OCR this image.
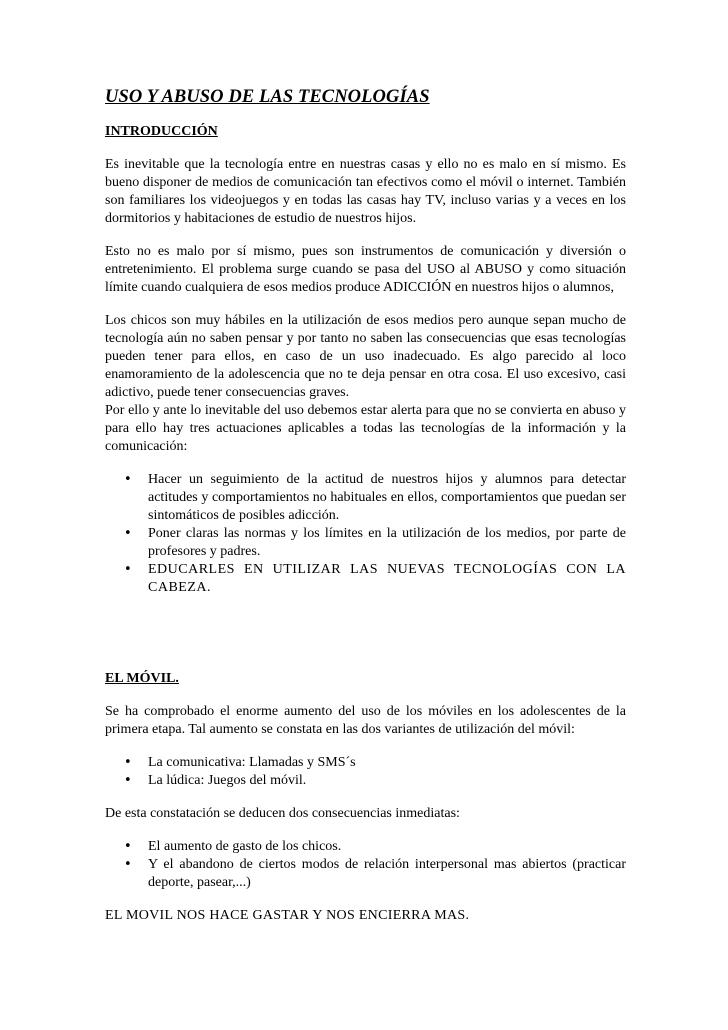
USO Y ABUSO DE LAS TECNOLOGÍAS
INTRODUCCIÓN

Es inevitable que la tecnología entre en nuestras casas y ello no es malo en sí mismo. Es bueno disponer de medios de comunicación tan efectivos como el móvil o internet. También son familiares los videojuegos y en todas las casas hay TV, incluso varias y a veces en los dormitorios y habitaciones de estudio de nuestros hijos.

Esto no es malo por sí mismo, pues son instrumentos de comunicación y diversión o entretenimiento. El problema surge cuando se pasa del USO al ABUSO y como situación límite cuando cualquiera de esos medios produce ADICCIÓN en nuestros hijos o alumnos,

Los chicos son muy hábiles en la utilización de esos medios pero aunque sepan mucho de tecnología aún no saben pensar y por tanto no saben las consecuencias que esas tecnologías pueden tener para ellos, en caso de un uso inadecuado. Es algo parecido al loco enamoramiento de la adolescencia que no te deja pensar en otra cosa. El uso excesivo, casi adictivo, puede tener consecuencias graves.

Por ello y ante lo inevitable del uso debemos estar alerta para que no se convierta en abuso y para ello hay tres actuaciones aplicables a todas las tecnologías de la información y la comunicación:

• Hacer un seguimiento de la actitud de nuestros hijos y alumnos para detectar actitudes y comportamientos no habituales en ellos, comportamientos que puedan ser sintomáticos de posibles adicción.
• Poner claras las normas y los límites en la utilización de los medios, por parte de profesores y padres.
• EDUCARLES EN UTILIZAR LAS NUEVAS TECNOLOGÍAS CON LA CABEZA.
EL MÓVIL.

Se ha comprobado el enorme aumento del uso de los móviles en los adolescentes de la primera etapa. Tal aumento se constata en las dos variantes de utilización del móvil:

• La comunicativa: Llamadas y SMS´s
• La lúdica: Juegos del móvil.

De esta constatación se deducen dos consecuencias inmediatas:

• El aumento de gasto de los chicos.
• Y el abandono de ciertos modos de relación interpersonal mas abiertos (practicar deporte, pasear,...)

EL MOVIL NOS HACE GASTAR Y NOS ENCIERRA MAS.
